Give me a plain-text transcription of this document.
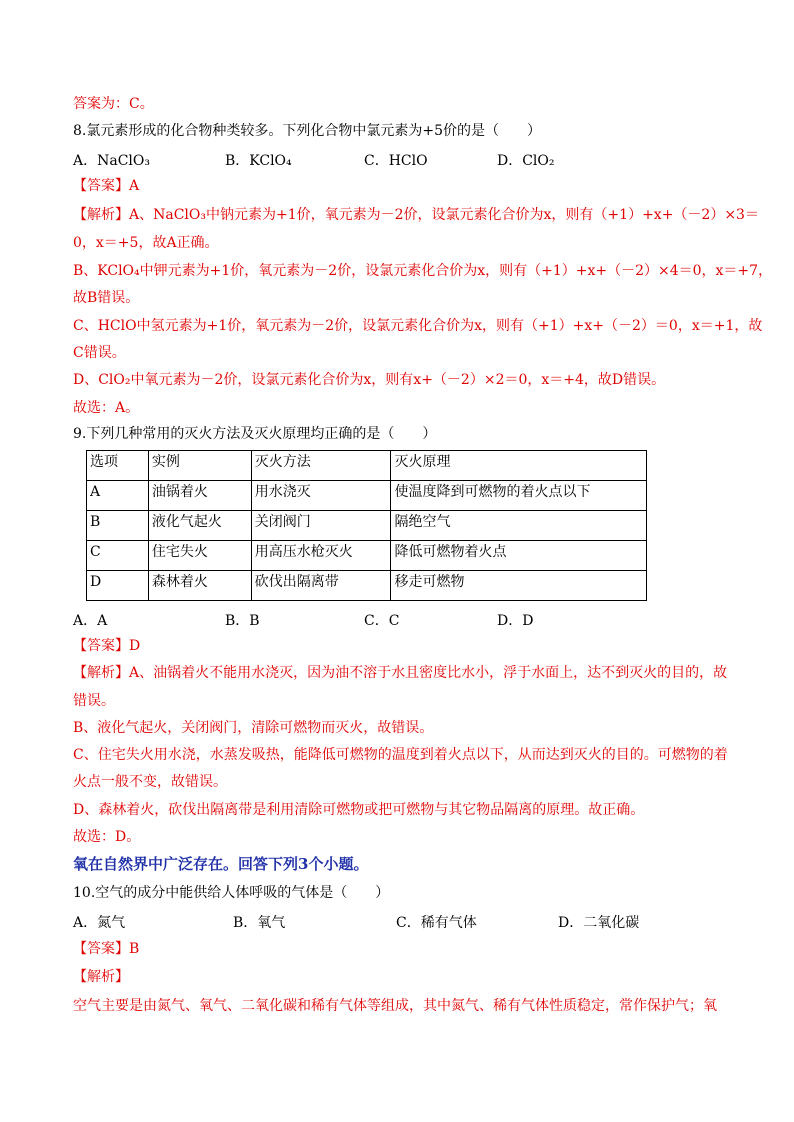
答案为：C。
8.氯元素形成的化合物种类较多。下列化合物中氯元素为+5价的是（　　）
A．NaClO₃	B．KClO₄	C．HClO	D．ClO₂
【答案】A
【解析】A、NaClO₃中钠元素为+1价，氧元素为－2价，设氯元素化合价为x，则有（+1）+x+（－2）×3＝
0，x＝+5，故A正确。
B、KClO₄中钾元素为+1价，氧元素为－2价，设氯元素化合价为x，则有（+1）+x+（－2）×4＝0，x＝+7，
故B错误。
C、HClO中氢元素为+1价，氧元素为－2价，设氯元素化合价为x，则有（+1）+x+（－2）＝0，x＝+1，故
C错误。
D、ClO₂中氧元素为－2价，设氯元素化合价为x，则有x+（－2）×2＝0，x＝+4，故D错误。
故选：A。
9.下列几种常用的灭火方法及灭火原理均正确的是（　　）
选项	实例	灭火方法	灭火原理
A	油锅着火	用水浇灭	使温度降到可燃物的着火点以下
B	液化气起火	关闭阀门	隔绝空气
C	住宅失火	用高压水枪灭火	降低可燃物着火点
D	森林着火	砍伐出隔离带	移走可燃物
A．A	B．B	C．C	D．D
【答案】D
【解析】A、油锅着火不能用水浇灭，因为油不溶于水且密度比水小，浮于水面上，达不到灭火的目的，故
错误。
B、液化气起火，关闭阀门，清除可燃物而灭火，故错误。
C、住宅失火用水浇，水蒸发吸热，能降低可燃物的温度到着火点以下，从而达到灭火的目的。可燃物的着
火点一般不变，故错误。
D、森林着火，砍伐出隔离带是利用清除可燃物或把可燃物与其它物品隔离的原理。故正确。
故选：D。
氧在自然界中广泛存在。回答下列3个小题。
10.空气的成分中能供给人体呼吸的气体是（　　）
A．氮气	B．氧气	C．稀有气体	D．二氧化碳
【答案】B
【解析】
空气主要是由氮气、氧气、二氧化碳和稀有气体等组成，其中氮气、稀有气体性质稳定，常作保护气；氧
